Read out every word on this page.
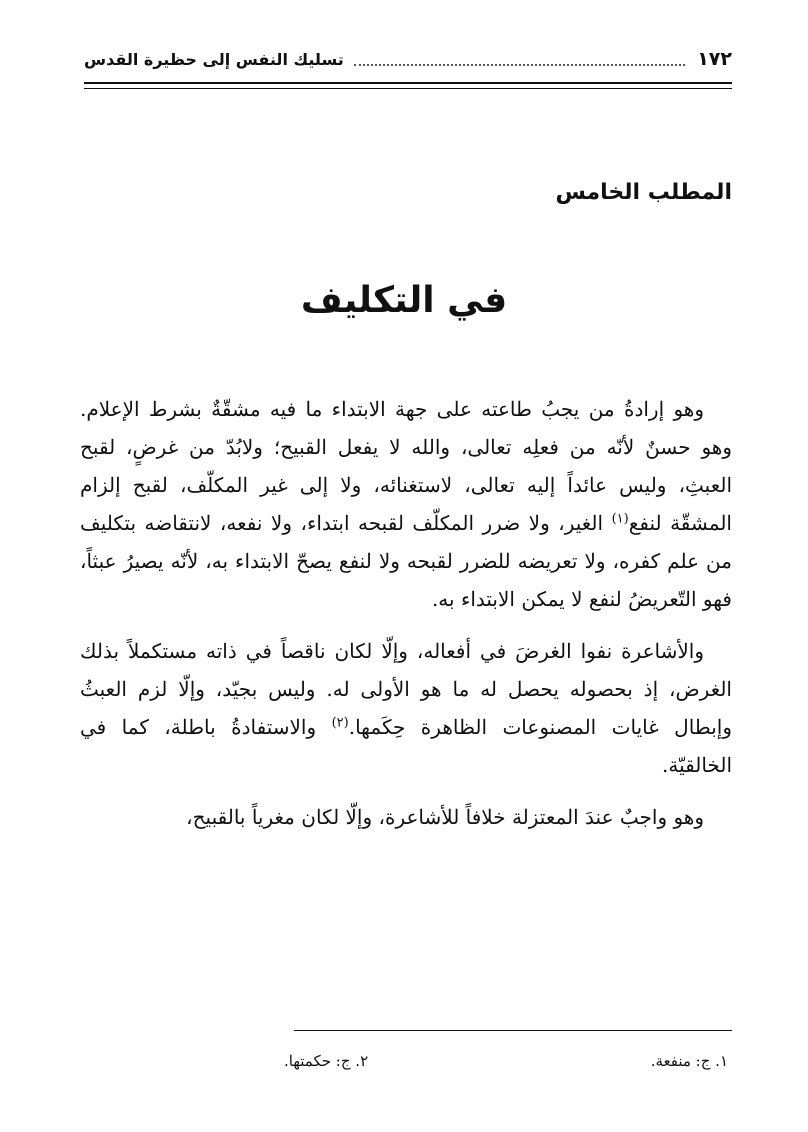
١٧٢
تسليك النفس إلى حظيرة القدس
المطلب الخامس
في التكليف

وهو إرادةُ من يجبُ طاعته على جهة الابتداء ما فيه مشقّةٌ بشرط الإعلام. وهو حسنٌ لأنّه من فعلِه تعالى، والله لا يفعل القبيح؛ ولابُدّ من غرضٍ، لقبح العبثِ، وليس عائداً إليه تعالى، لاستغنائه، ولا إلى غير المكلّف، لقبح إلزام المشقّة لنفع$^{(١)}$ الغير، ولا ضرر المكلّف لقبحه ابتداء، ولا نفعه، لانتقاضه بتكليف من علم كفره، ولا تعريضه للضرر لقبحه ولا لنفع يصحّ الابتداء به، لأنّه يصيرُ عبثاً، فهو التّعريضُ لنفع لا يمكن الابتداء به.

والأشاعرة نفوا الغرضَ في أفعاله، وإلّا لكان ناقصاً في ذاته مستكملاً بذلك الغرض، إذ بحصوله يحصل له ما هو الأولى له. وليس بجيّد، وإلّا لزم العبثُ وإبطال غايات المصنوعات الظاهرة حِكَمها.$^{(٢)}$ والاستفادةُ باطلة، كما في الخالقيّة.

وهو واجبٌ عندَ المعتزلة خلافاً للأشاعرة، وإلّا لكان مغرياً بالقبيح،

١. ج: منفعة.
٢. ج: حكمتها.
